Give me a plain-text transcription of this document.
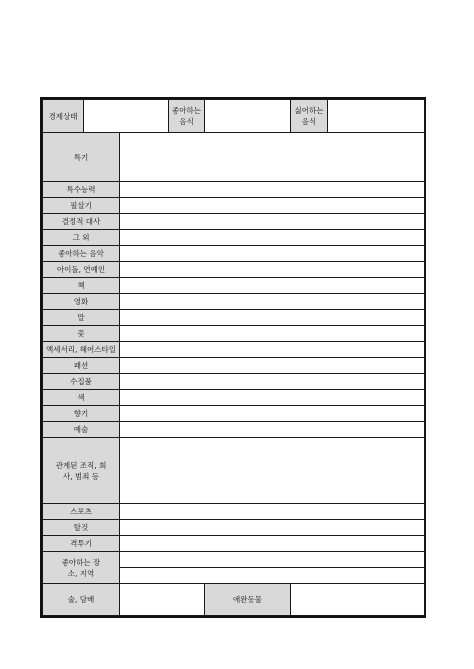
경제상태			좋아하는 음식		싫어하는 음식	
특기						
특수능력						
필살기						
결정적 대사						
그 외						
좋아하는 음악						
아이돌, 연예인						
책						
영화						
말						
꽃						
액세서리, 헤어스타일						
패션						
수집품						
색						
향기						
예술						
관계된 조직, 회사, 범죄 등						
스포츠						
탈것						
격투기						
좋아하는 장소, 지역						

술, 담배				애완동물		
